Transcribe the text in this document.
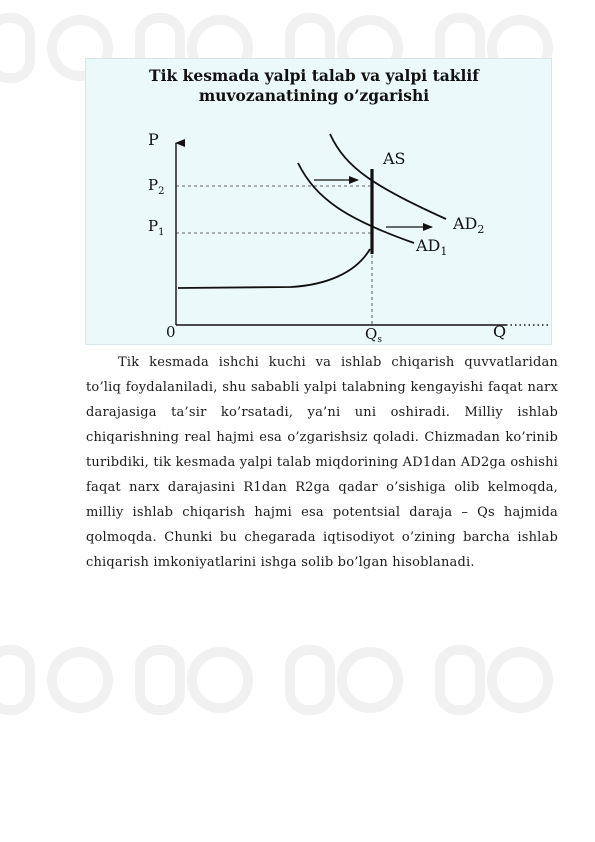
Tik kesmada yalpi talab va yalpi taklif
muvozanatining o’zgarishi
P
$P_2$
$P_1$
AS
$AD_2$
$AD_1$
0	$Q_s$	Q

Tik kesmada ishchi kuchi va ishlab chiqarish quvvatlaridan to’liq foydalaniladi, shu sababli yalpi talabning kengayishi faqat narx darajasiga ta’sir ko’rsatadi, ya’ni uni oshiradi. Milliy ishlab chiqarishning real hajmi esa o’zgarishsiz qoladi. Chizmadan ko’rinib turibdiki, tik kesmada yalpi talab miqdorining AD1dan AD2ga oshishi faqat narx darajasini R1dan R2ga qadar o’sishiga olib kelmoqda, milliy ishlab chiqarish hajmi esa potentsial daraja – Qs hajmida qolmoqda. Chunki bu chegarada iqtisodiyot o’zining barcha ishlab chiqarish imkoniyatlarini ishga solib bo’lgan hisoblanadi.
